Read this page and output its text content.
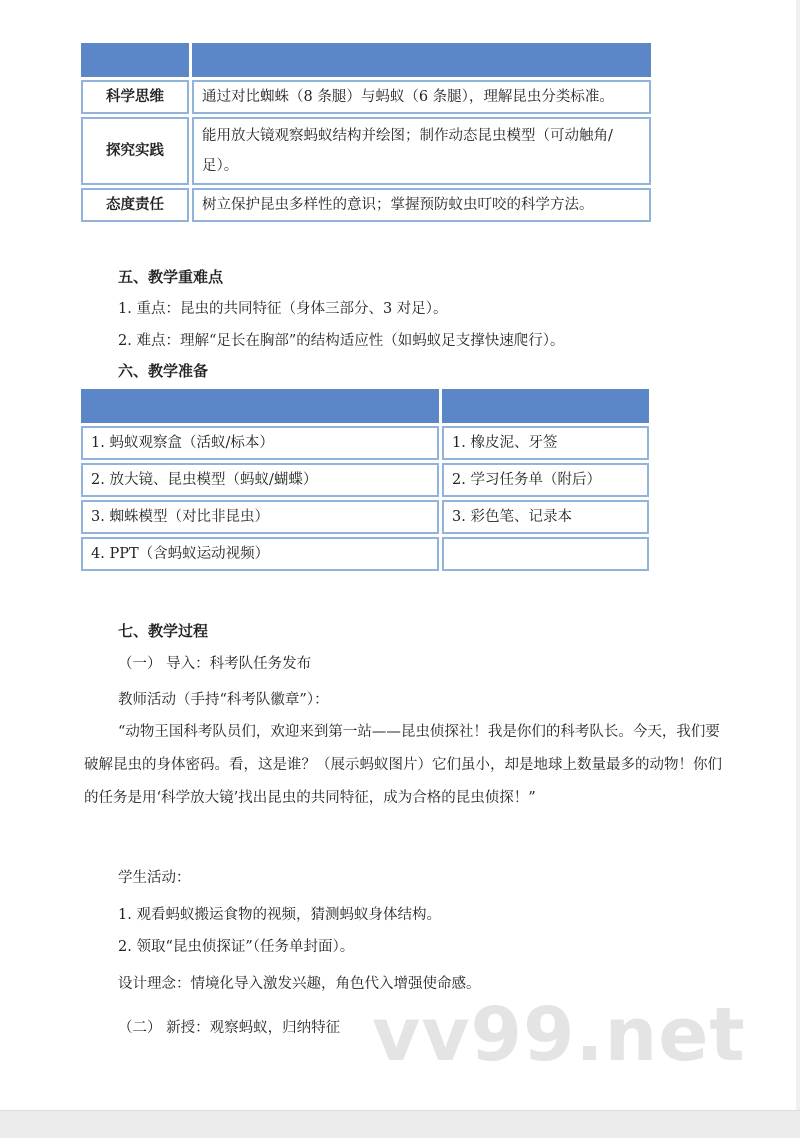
科学思维	通过对比蜘蛛（8 条腿）与蚂蚁（6 条腿），理解昆虫分类标准。
探究实践	能用放大镜观察蚂蚁结构并绘图；制作动态昆虫模型（可动触角/足）。
态度责任	树立保护昆虫多样性的意识；掌握预防蚊虫叮咬的科学方法。
五、教学重难点
1. 重点：昆虫的共同特征（身体三部分、3 对足）。
2. 难点：理解“足长在胸部”的结构适应性（如蚂蚁足支撑快速爬行）。
六、教学准备

1. 蚂蚁观察盒（活蚁/标本）	1. 橡皮泥、牙签
2. 放大镜、昆虫模型（蚂蚁/蝴蝶）	2. 学习任务单（附后）
3. 蜘蛛模型（对比非昆虫）	3. 彩色笔、记录本
4. PPT（含蚂蚁运动视频）	
七、教学过程
（一） 导入：科考队任务发布
教师活动（手持“科考队徽章”）：

“动物王国科考队员们，欢迎来到第一站——昆虫侦探社！我是你们的科考队长。今天，我们要破解昆虫的身体密码。看，这是谁？（展示蚂蚁图片）它们虽小，却是地球上数量最多的动物！你们的任务是用‘科学放大镜’找出昆虫的共同特征，成为合格的昆虫侦探！”

学生活动：
1. 观看蚂蚁搬运食物的视频，猜测蚂蚁身体结构。
2. 领取“昆虫侦探证”（任务单封面）。
设计理念：情境化导入激发兴趣，角色代入增强使命感。
（二） 新授：观察蚂蚁，归纳特征 vv99.net
